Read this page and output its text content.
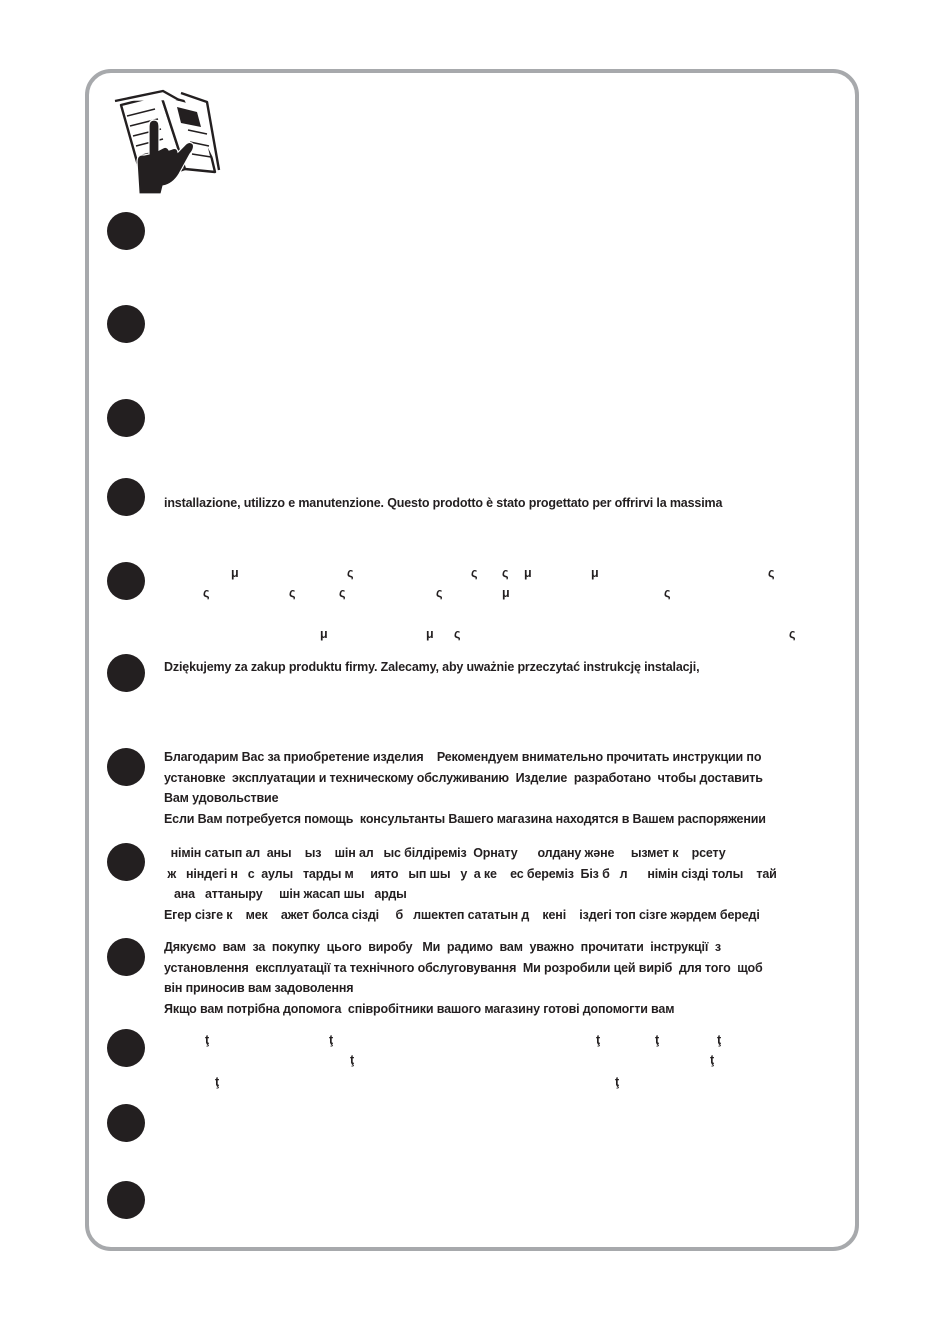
installazione, utilizzo e manutenzione. Questo prodotto è stato progettato per offrirvi la massima
μ	ς	ς ς μ	μ	ς
ς	ς	ς	ς	μ	ς
μ	μ ς	ς
Dziękujemy za zakup produktu firmy. Zalecamy, aby uważnie przeczytać instrukcję instalacji,
Благодарим Вас за приобретение изделия    Рекомендуем внимательно прочитать инструкции по
установке  эксплуатации и техническому обслуживанию  Изделие  разработано  чтобы доставить
Вам удовольствие
Если Вам потребуется помощь  консультанты Вашего магазина находятся в Вашем распоряжении
німін сатып ал  аны    ыз    шін ал   ыс білдіреміз  Орнату      олдану және     ызмет к    рсету
ж   ніндегі н   с  аулы   тарды м     иятo   ып шы   у  а ке    ес береміз  Біз б   л      німін сізді толы    тай
ана   аттаныру     шін жасап шы   арды
Егер сізге к    мек    ажет болса сізді     б   лшектеп сататын д    кені    іздегі топ сізге жәрдем береді
Дякуємо  вам  за  покупку  цього  виробу   Ми  радимо  вам  уважно  прочитати  інструкції  з
установлення  експлуатації та технічного обслуговування  Ми розробили цей виріб  для того  щоб
він приносив вам задоволення
Якщо вам потрібна допомога  співробітники вашого магазину готові допомогти вам
ţ	ţ	ţ	ţ	ţ
ţ	ţ
ţ	ţ
